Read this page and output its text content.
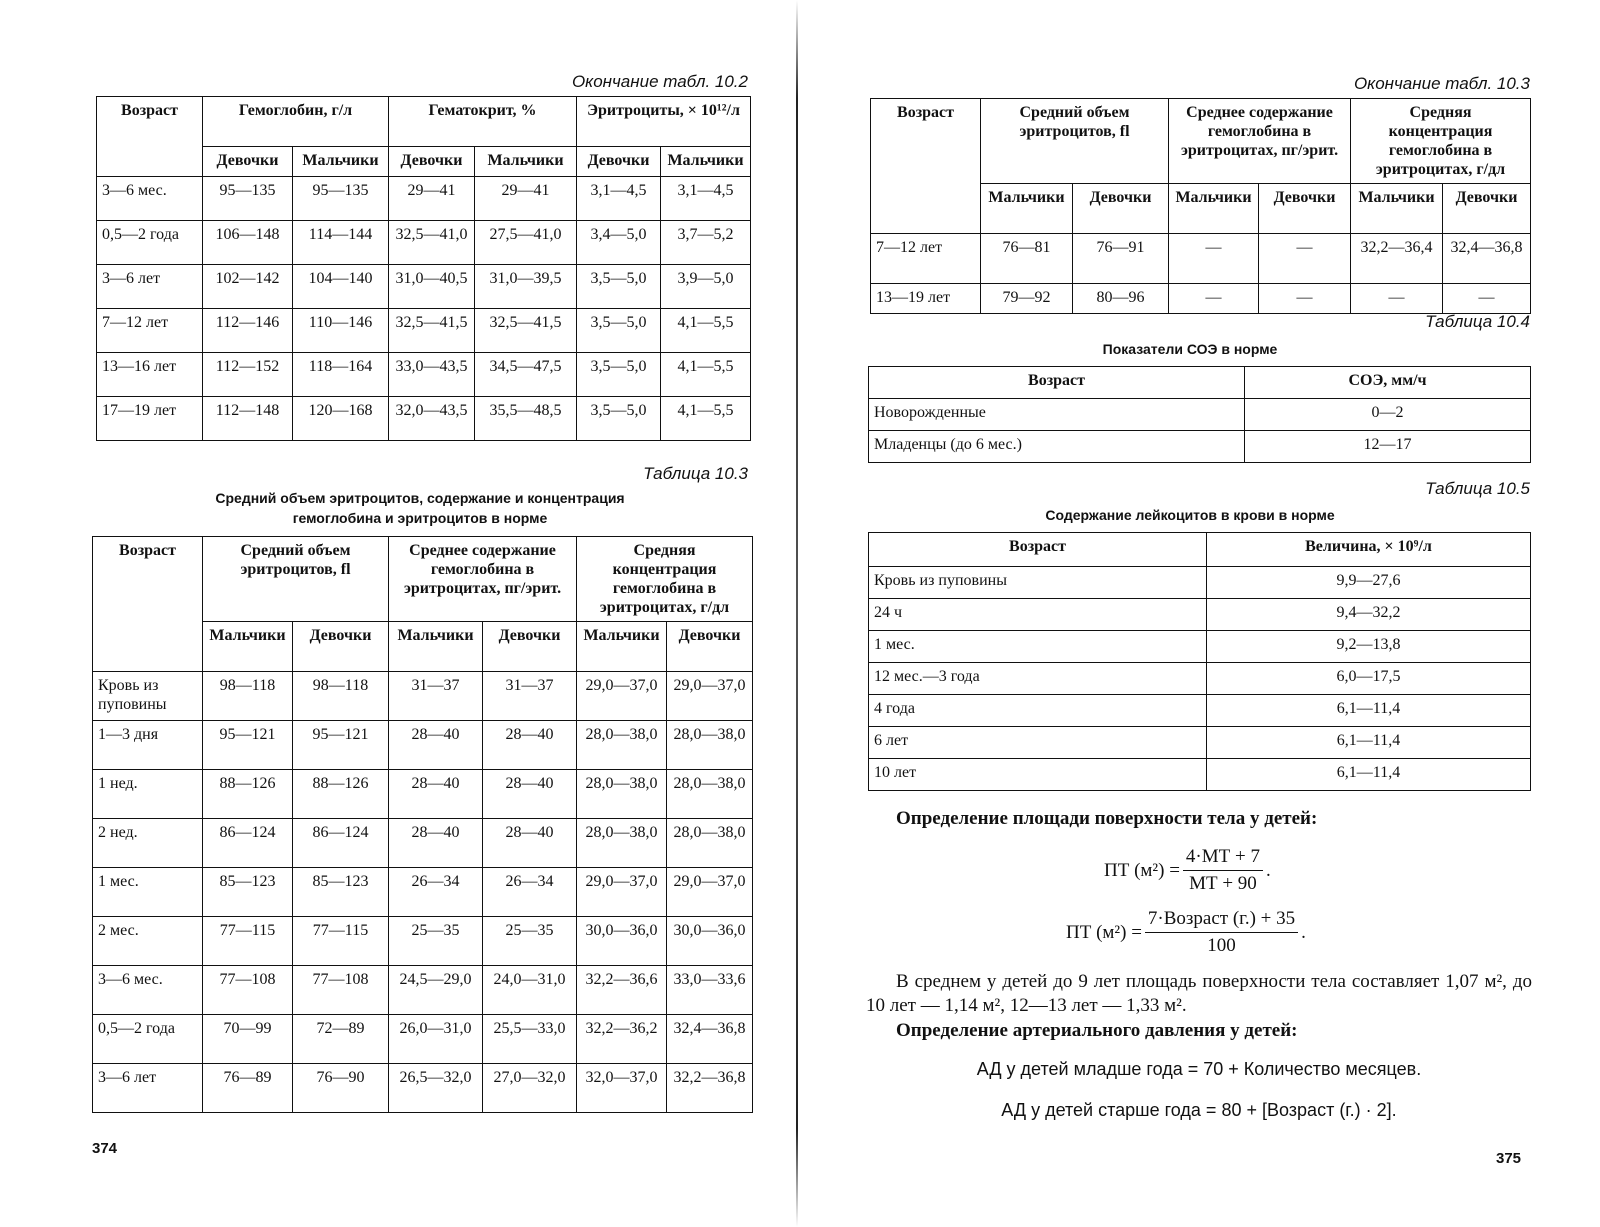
Окончание табл. 10.2
Возраст	Гемоглобин, г/л		Гематокрит, %		Эритроциты, × 10¹²/л	
	Девочки	Мальчики	Девочки	Мальчики	Девочки	Мальчики
3—6 мес.	95—135	95—135	29—41	29—41	3,1—4,5	3,1—4,5
0,5—2 года	106—148	114—144	32,5—41,0	27,5—41,0	3,4—5,0	3,7—5,2
3—6 лет	102—142	104—140	31,0—40,5	31,0—39,5	3,5—5,0	3,9—5,0
7—12 лет	112—146	110—146	32,5—41,5	32,5—41,5	3,5—5,0	4,1—5,5
13—16 лет	112—152	118—164	33,0—43,5	34,5—47,5	3,5—5,0	4,1—5,5
17—19 лет	112—148	120—168	32,0—43,5	35,5—48,5	3,5—5,0	4,1—5,5
Таблица 10.3
Средний объем эритроцитов, содержание и концентрация гемоглобина и эритроцитов в норме
Возраст	Средний объем эритроцитов, fl		Среднее содержание гемоглобина в эритроцитах, пг/эрит.		Средняя концентрация гемоглобина в эритроцитах, г/дл	
	Мальчики	Девочки	Мальчики	Девочки	Мальчики	Девочки
Кровь из пуповины	98—118	98—118	31—37	31—37	29,0—37,0	29,0—37,0
1—3 дня	95—121	95—121	28—40	28—40	28,0—38,0	28,0—38,0
1 нед.	88—126	88—126	28—40	28—40	28,0—38,0	28,0—38,0
2 нед.	86—124	86—124	28—40	28—40	28,0—38,0	28,0—38,0
1 мес.	85—123	85—123	26—34	26—34	29,0—37,0	29,0—37,0
2 мес.	77—115	77—115	25—35	25—35	30,0—36,0	30,0—36,0
3—6 мес.	77—108	77—108	24,5—29,0	24,0—31,0	32,2—36,6	33,0—33,6
0,5—2 года	70—99	72—89	26,0—31,0	25,5—33,0	32,2—36,2	32,4—36,8
3—6 лет	76—89	76—90	26,5—32,0	27,0—32,0	32,0—37,0	32,2—36,8
374
Окончание табл. 10.3
Возраст	Средний объем эритроцитов, fl		Среднее содержание гемоглобина в эритроцитах, пг/эрит.		Средняя концентрация гемоглобина в эритроцитах, г/дл	
	Мальчики	Девочки	Мальчики	Девочки	Мальчики	Девочки
7—12 лет	76—81	76—91	—	—	32,2—36,4	32,4—36,8
13—19 лет	79—92	80—96	—	—	—	—
Таблица 10.4
Показатели СОЭ в норме
Возраст	СОЭ, мм/ч
Новорожденные	0—2
Младенцы (до 6 мес.)	12—17
Таблица 10.5
Содержание лейкоцитов в крови в норме
Возраст	Величина, × 10⁹/л
Кровь из пуповины	9,9—27,6
24 ч	9,4—32,2
1 мес.	9,2—13,8
12 мес.—3 года	6,0—17,5
4 года	6,1—11,4
6 лет	6,1—11,4
10 лет	6,1—11,4
Определение площади поверхности тела у детей:
ПТ $(м^2) = \frac{4\cdot МТ + 7}{МТ + 90}$ .
ПТ $(м^2) = \frac{\text{7·Возраст (г.) + 35}}{100}$ .
В среднем у детей до 9 лет площадь поверхности тела составляет 1,07 м², до 10 лет — 1,14 м², 12—13 лет — 1,33 м².
Определение артериального давления у детей:
АД у детей младше года = 70 + Количество месяцев.
АД у детей старше года = 80 + [Возраст (г.) · 2].
375
